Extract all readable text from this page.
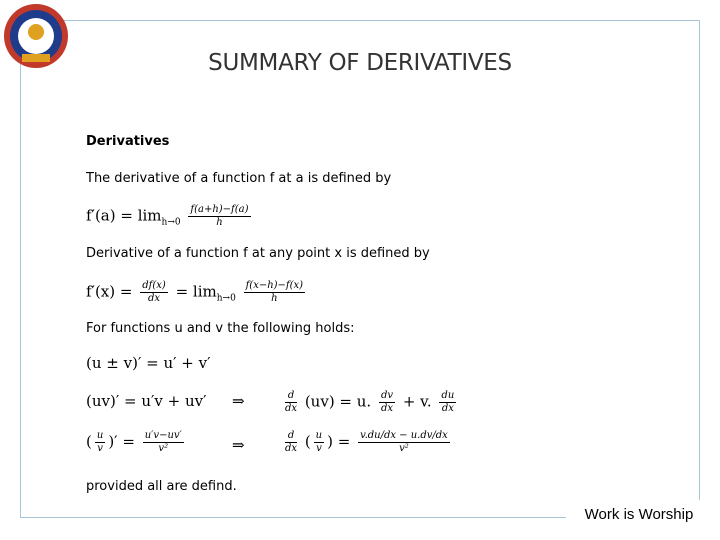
SUMMARY OF DERIVATIVES
Derivatives
The derivative of a function f at a is defined by
$f'(a) = \lim_{h\to 0} \frac{f(a+h)-f(a)}{h}$
Derivative of a function f at any point x is defined by
$f'(x) = \frac{df(x)}{dx} = \lim_{h\to 0} \frac{f(x-h)-f(x)}{h}$
For functions u and v the following holds:
(u ± v)′ = u′ + v′
(uv)′ = u′v + uv′ ⇒	$\frac{d}{dx} (uv) = u$. $\frac{dv}{dx} + v$. $\frac{du}{dx}$
( $\frac{u}{v}$ )′ = $\frac{u'v-uv'}{\text{v²}}$	⇒	$\frac{d}{dx}$ ( $\frac{u}{v}$ ) = $\frac{v.du/dx - u.dv/dx}{\text{v²}}$
provided all are defind.
Work is Worship
